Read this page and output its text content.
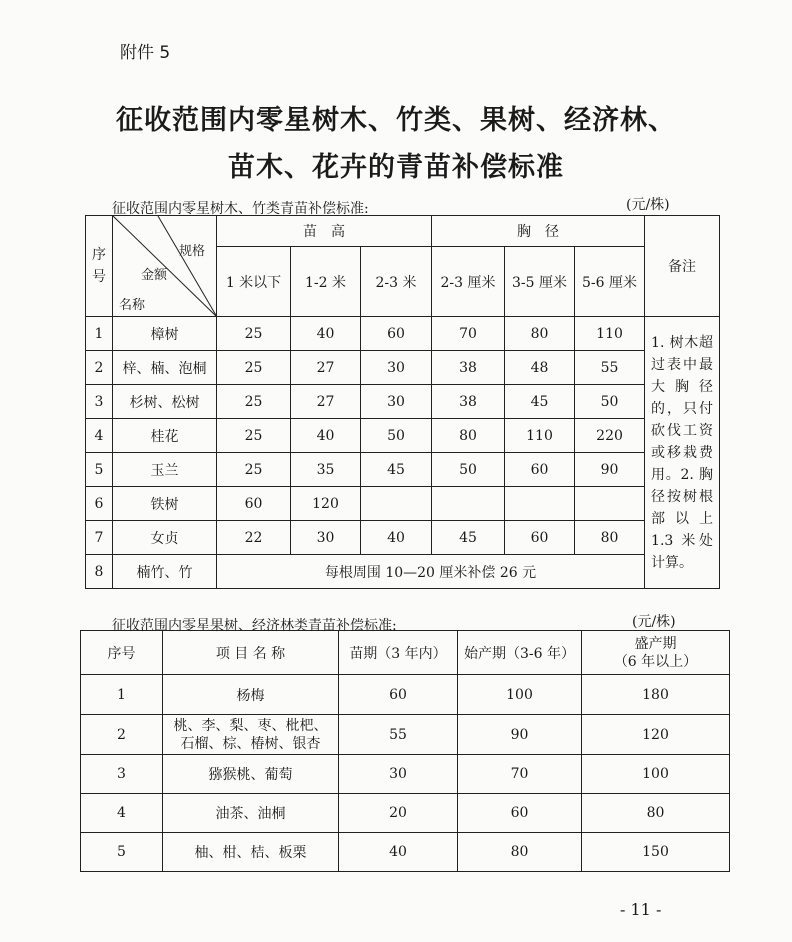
附件 5
征收范围内零星树木、竹类、果树、经济林、
苗木、花卉的青苗补偿标准
征收范围内零星树木、竹类青苗补偿标准:	(元/株)
序号	规格
金额
名称	苗　高			胸　径			备注
		1 米以下	1-2 米	2-3 米	2-3 厘米	3-5 厘米	5-6 厘米	
1	樟树	25	40	60	70	80	110	1. 树木超过表中最大胸径的，只付砍伐工资或移栽费用。2. 胸径按树根部以上 1.3 米处计算。
2	梓、楠、泡桐	25	27	30	38	48	55	
3	杉树、松树	25	27	30	38	45	50	
4	桂花	25	40	50	80	110	220	
5	玉兰	25	35	45	50	60	90	
6	铁树	60	120					
7	女贞	22	30	40	45	60	80	
8	楠竹、竹	每根周围 10—20 厘米补偿 26 元						
征收范围内零星果树、经济林类青苗补偿标准:	(元/株)
序号	项 目 名 称	苗期（3 年内）	始产期（3-6 年）	盛产期
（6 年以上）

1	杨梅	60	100	180
2	桃、李、梨、枣、枇杷、
石榴、棕、椿树、银杏	55	90	120
3	猕猴桃、葡萄	30	70	100
4	油茶、油桐	20	60	80
5	柚、柑、桔、板栗	40	80	150
- 11 -
